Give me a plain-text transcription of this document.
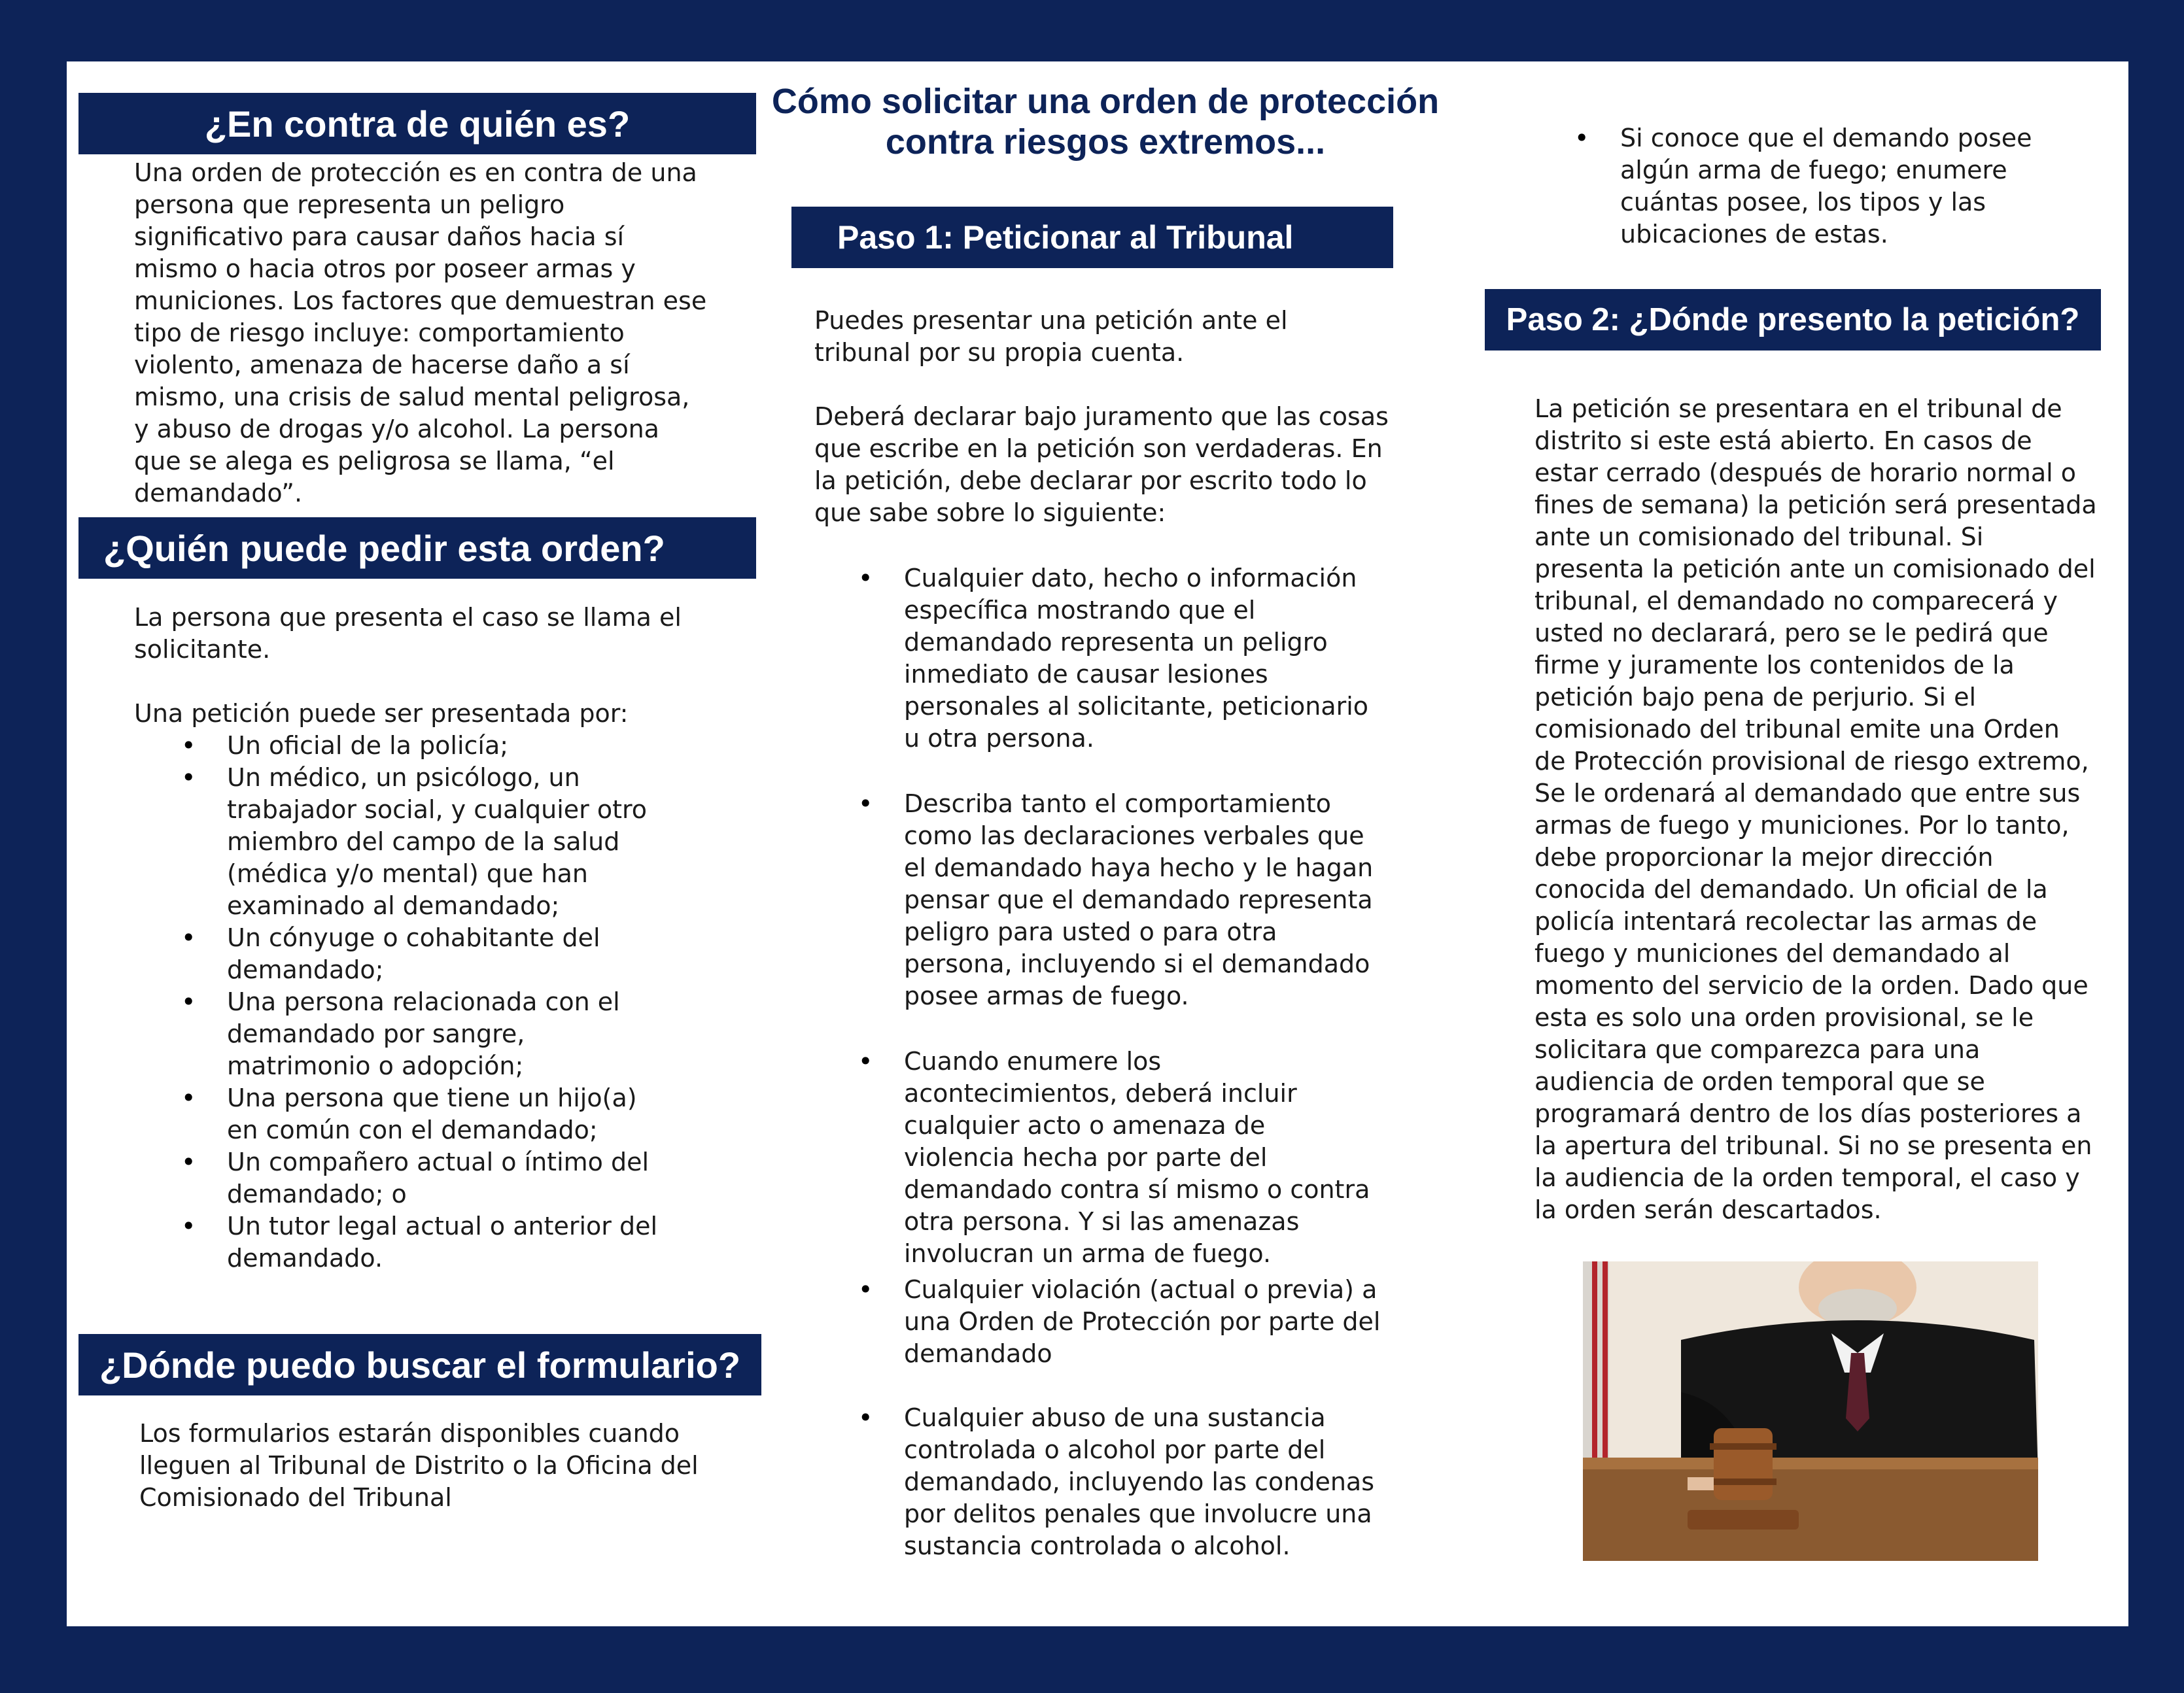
¿En contra de quién es?

Una orden de protección es en contra de una persona que representa un peligro significativo para causar daños hacia sí mismo o hacia otros por poseer armas y municiones. Los factores que demuestran ese tipo de riesgo incluye: comportamiento violento, amenaza de hacerse daño a sí mismo, una crisis de salud mental peligrosa, y abuso de drogas y/o alcohol. La persona que se alega es peligrosa se llama, “el demandado”.

¿Quién puede pedir esta orden?

La persona que presenta el caso se llama el solicitante.

Una petición puede ser presentada por:

• Un oficial de la policía;
• Un médico, un psicólogo, un trabajador social, y cualquier otro miembro del campo de la salud (médica y/o mental) que han examinado al demandado;
• Un cónyuge o cohabitante del demandado;
• Una persona relacionada con el demandado por sangre, matrimonio o adopción;
• Una persona que tiene un hijo(a) en común con el demandado;
• Un compañero actual o íntimo del demandado; o
• Un tutor legal actual o anterior del demandado.
¿Dónde puedo buscar el formulario?

Los formularios estarán disponibles cuando lleguen al Tribunal de Distrito o la Oficina del Comisionado del Tribunal

Cómo solicitar una orden de protección contra riesgos extremos...
Paso 1: Peticionar al Tribunal

Puedes presentar una petición ante el tribunal por su propia cuenta.

Deberá declarar bajo juramento que las cosas que escribe en la petición son verdaderas. En la petición, debe declarar por escrito todo lo que sabe sobre lo siguiente:

• Cualquier dato, hecho o información específica mostrando que el demandado representa un peligro inmediato de causar lesiones personales al solicitante, peticionario u otra persona.
• Describa tanto el comportamiento como las declaraciones verbales que el demandado haya hecho y le hagan pensar que el demandado representa peligro para usted o para otra persona, incluyendo si el demandado posee armas de fuego.
• Cuando enumere los acontecimientos, deberá incluir cualquier acto o amenaza de violencia hecha por parte del demandado contra sí mismo o contra otra persona. Y si las amenazas involucran un arma de fuego.
• Cualquier violación (actual o previa) a una Orden de Protección por parte del demandado
• Cualquier abuso de una sustancia controlada o alcohol por parte del demandado, incluyendo las condenas por delitos penales que involucre una sustancia controlada o alcohol.
• Si conoce que el demando posee algún arma de fuego; enumere cuántas posee, los tipos y las ubicaciones de estas.
Paso 2: ¿Dónde presento la petición?

La petición se presentara en el tribunal de distrito si este está abierto. En casos de estar cerrado (después de horario normal o fines de semana) la petición será presentada ante un comisionado del tribunal. Si presenta la petición ante un comisionado del tribunal, el demandado no comparecerá y usted no declarará, pero se le pedirá que firme y juramente los contenidos de la petición bajo pena de perjurio. Si el comisionado del tribunal emite una Orden de Protección provisional de riesgo extremo, Se le ordenará al demandado que entre sus armas de fuego y municiones. Por lo tanto, debe proporcionar la mejor dirección conocida del demandado. Un oficial de la policía intentará recolectar las armas de fuego y municiones del demandado al momento del servicio de la orden. Dado que esta es solo una orden provisional, se le solicitara que comparezca para una audiencia de orden temporal que se programará dentro de los días posteriores a la apertura del tribunal. Si no se presenta en la audiencia de la orden temporal, el caso y la orden serán descartados.
